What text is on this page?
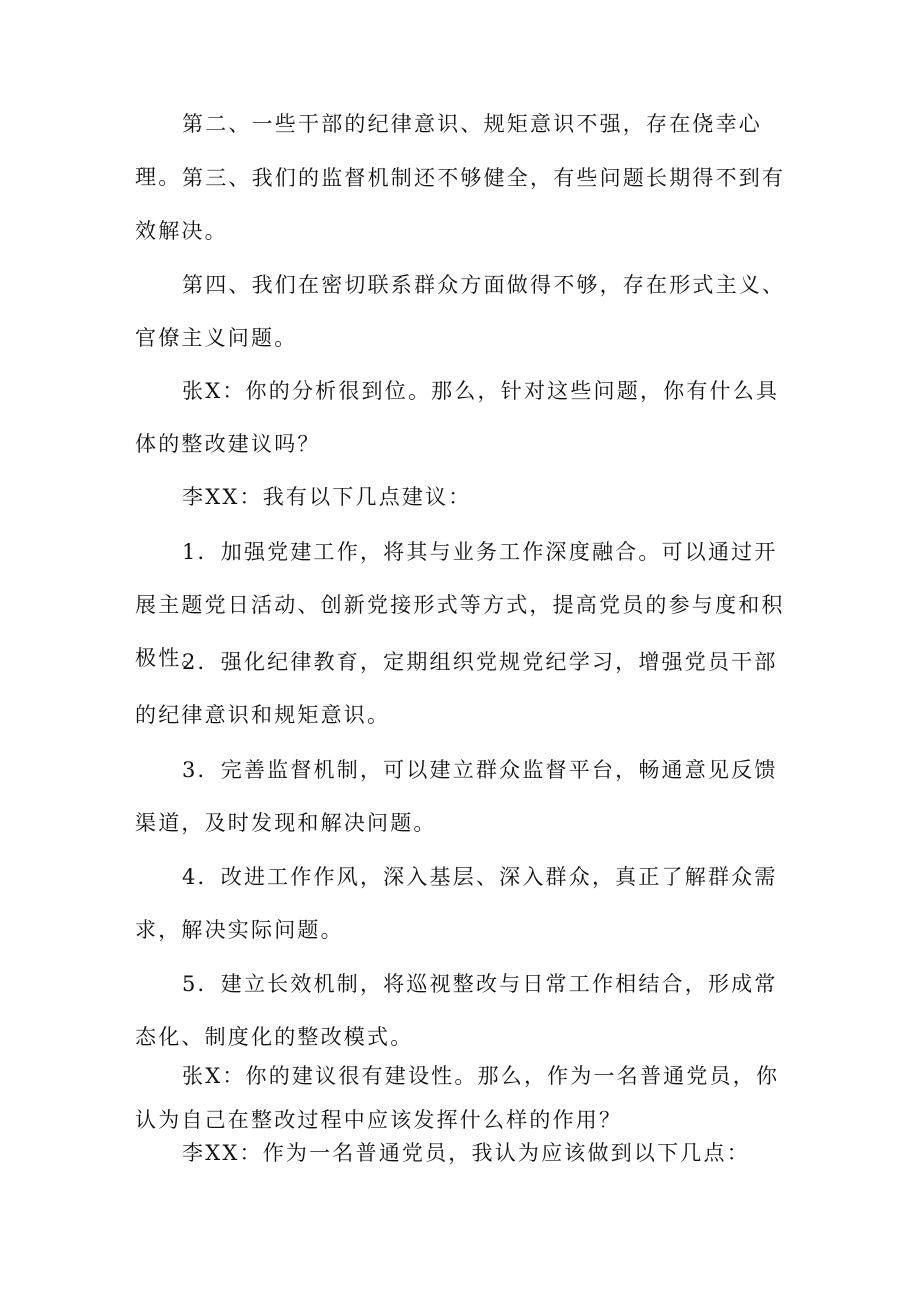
第二、一些干部的纪律意识、规矩意识不强，存在侥幸心理。 第三、我们的监督机制还不够健全，有些问题长期得不到有效解决。

第四、我们在密切联系群众方面做得不够，存在形式主义、官僚主义问题。

张X：你的分析很到位。那么，针对这些问题，你有什么具体的整改建议吗？

李XX：我有以下几点建议：

1．加强党建工作，将其与业务工作深度融合。可以通过开展主题党日活动、创新党接形式等方式，提高党员的参与度和积极性。

2．强化纪律教育，定期组织党规党纪学习，增强党员干部的纪律意识和规矩意识。

3．完善监督机制，可以建立群众监督平台，畅通意见反馈渠道，及时发现和解决问题。

4．改进工作作风，深入基层、深入群众，真正了解群众需求，解决实际问题。

5．建立长效机制，将巡视整改与日常工作相结合，形成常态化、制度化的整改模式。

张X：你的建议很有建设性。那么，作为一名普通党员，你认为自己在整改过程中应该发挥什么样的作用？

李XX：作为一名普通党员，我认为应该做到以下几点：
